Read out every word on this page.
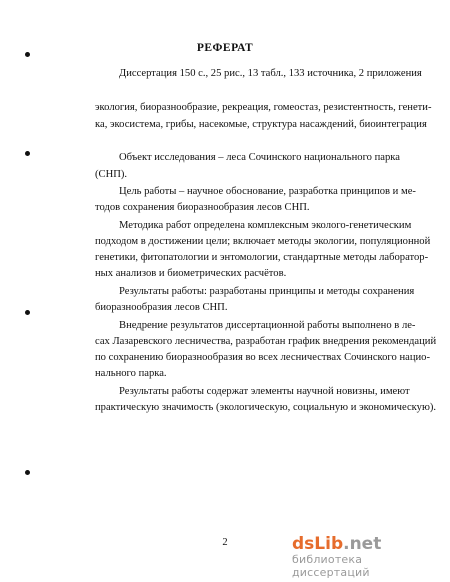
РЕФЕРАТ
Диссертация 150 с., 25 рис., 13 табл., 133 источника, 2 приложения
экология, биоразнообразие, рекреация, гомеостаз, резистентность, генети-
ка, экосистема, грибы, насекомые, структура насаждений, биоинтеграция
Объект исследования – леса Сочинского национального парка
(СНП).
Цель работы – научное обоснование, разработка принципов и ме-
тодов сохранения биоразнообразия лесов СНП.
Методика работ определена комплексным эколого-генетическим
подходом в достижении цели; включает методы экологии, популяционной
генетики, фитопатологии и энтомологии, стандартные методы лаборатор-
ных анализов и биометрических расчётов.
Результаты работы: разработаны принципы и методы сохранения
биоразнообразия лесов СНП.
Внедрение результатов диссертационной работы выполнено в ле-
сах Лазаревского лесничества, разработан график внедрения рекомендаций
по сохранению биоразнообразия во всех лесничествах Сочинского нацио-
нального парка.
Результаты работы содержат элементы научной новизны, имеют
практическую значимость (экологическую, социальную и экономическую).
2	dsLib.net
библиотека диссертаций
